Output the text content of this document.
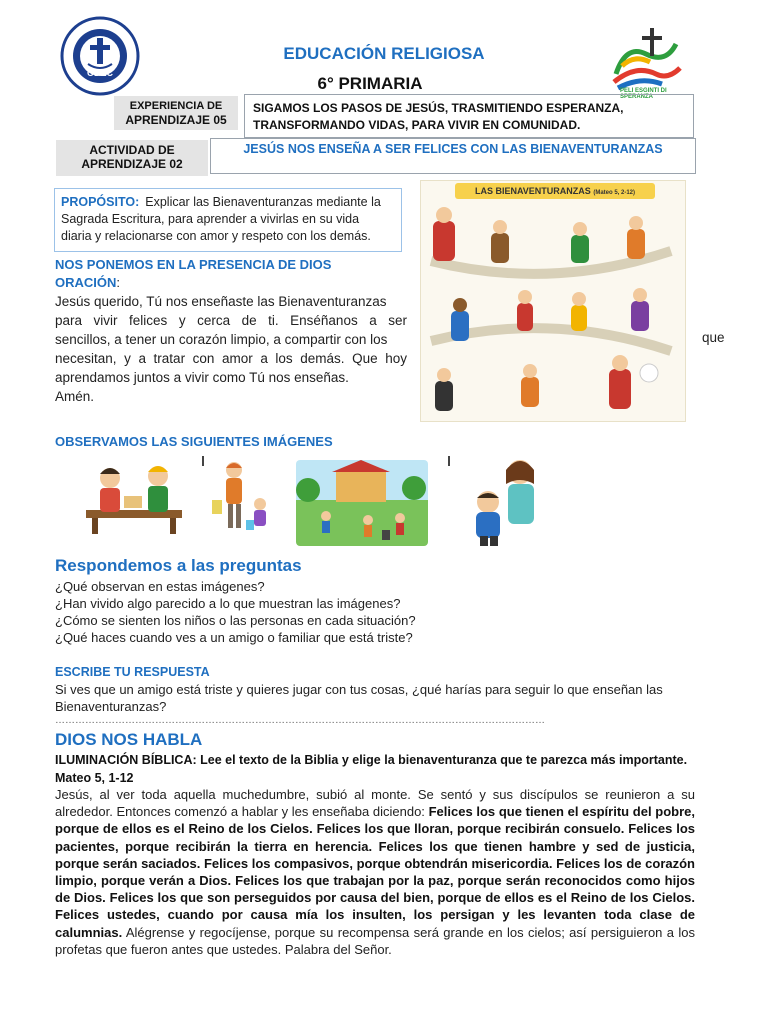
ODEC
PELI ESGINTI DI SPERANZA
EDUCACIÓN RELIGIOSA
6° PRIMARIA
EXPERIENCIA DE
APRENDIZAJE 05
SIGAMOS LOS PASOS DE JESÚS, TRASMITIENDO ESPERANZA,
TRANSFORMANDO VIDAS, PARA VIVIR EN COMUNIDAD.
ACTIVIDAD DE
APRENDIZAJE 02
JESÚS NOS ENSEÑA A SER FELICES CON LAS BIENAVENTURANZAS
PROPÓSITO: Explicar las Bienaventuranzas mediante la
Sagrada Escritura, para aprender a vivirlas en su vida
diaria y relacionarse con amor y respeto con los demás.
NOS PONEMOS EN LA PRESENCIA DE DIOS
ORACIÓN:
Jesús querido, Tú nos enseñaste las Bienaventuranzas
para vivir felices y cerca de ti. Enséñanos a ser
sencillos, a tener un corazón limpio, a compartir con los
necesitan, y a tratar con amor a los demás. Que hoy
aprendamos juntos a vivir como Tú nos enseñas.
Amén.
que
LAS BIENAVENTURANZAS (Mateo 5, 2-12)
OBSERVAMOS LAS SIGUIENTES IMÁGENES
Respondemos a las preguntas
¿Qué observan en estas imágenes?
¿Han vivido algo parecido a lo que muestran las imágenes?
¿Cómo se sienten los niños o las personas en cada situación?
¿Qué haces cuando ves a un amigo o familiar que está triste?
ESCRIBE TU RESPUESTA
Si ves que un amigo está triste y quieres jugar con tus cosas, ¿qué harías para seguir lo que enseñan las
Bienaventuranzas?
…………………………………………………………………………………………………………………………………
DIOS NOS HABLA
ILUMINACIÓN BÍBLICA: Lee el texto de la Biblia y elige la bienaventuranza que te parezca más importante.
Mateo 5, 1-12
Jesús, al ver toda aquella muchedumbre, subió al monte. Se sentó y sus discípulos se reunieron a su alrededor. Entonces comenzó a hablar y les enseñaba diciendo: Felices los que tienen el espíritu del pobre, porque de ellos es el Reino de los Cielos. Felices los que lloran, porque recibirán consuelo. Felices los pacientes, porque recibirán la tierra en herencia. Felices los que tienen hambre y sed de justicia, porque serán saciados. Felices los compasivos, porque obtendrán misericordia. Felices los de corazón limpio, porque verán a Dios. Felices los que trabajan por la paz, porque serán reconocidos como hijos de Dios. Felices los que son perseguidos por causa del bien, porque de ellos es el Reino de los Cielos. Felices ustedes, cuando por causa mía los insulten, los persigan y les levanten toda clase de calumnias. Alégrense y regocíjense, porque su recompensa será grande en los cielos; así persiguieron a los profetas que fueron antes que ustedes. Palabra del Señor.
